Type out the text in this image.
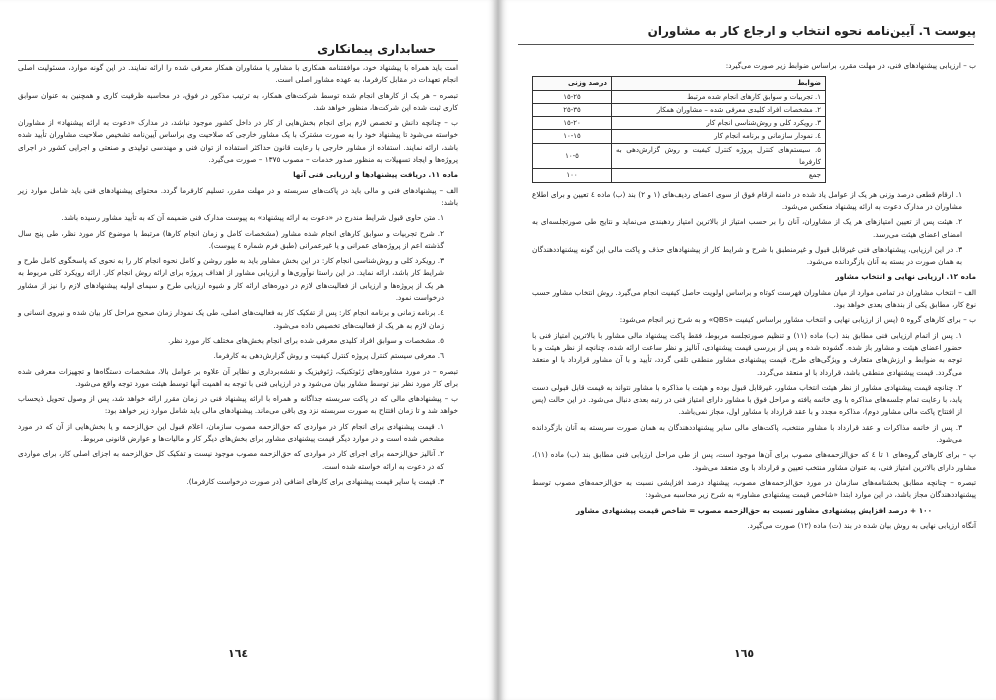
حسابداری پیمانکاری

امت باید همراه با پیشنهاد خود، موافقتنامه همکاری با مشاور یا مشاوران همکار معرفی شده را ارائه نمایند. در این گونه موارد، مسئولیت اصلی انجام تعهدات در مقابل کارفرما، به عهده مشاور اصلی است.

تبصره – هر یک از کارهای انجام شده توسط شرکت‌های همکار، به ترتیب مذکور در فوق، در محاسبه ظرفیت کاری و همچنین به عنوان سوابق کاری ثبت شده این شرکت‌ها، منظور خواهد شد.

ب – چنانچه دانش و تخصص لازم برای انجام بخش‌هایی از کار در داخل کشور موجود نباشد، در مدارک «دعوت به ارائه پیشنهاد» از مشاوران خواسته می‌شود تا پیشنهاد خود را به صورت مشترک با یک مشاور خارجی که صلاحیت وی براساس آیین‌نامه تشخیص صلاحیت مشاوران تأیید شده باشد، ارائه نمایند. استفاده از مشاور خارجی با رعایت قانون حداکثر استفاده از توان فنی و مهندسی تولیدی و صنعتی و اجرایی کشور در اجرای پروژه‌ها و ایجاد تسهیلات به منظور صدور خدمات – مصوب ١٣٧٥ – صورت می‌گیرد.

ماده ١١. دریافت پیشنهادها و ارزیابی فنی آنها

الف – پیشنهادهای فنی و مالی باید در پاکت‌های سربسته و در مهلت مقرر، تسلیم کارفرما گردد. محتوای پیشنهادهای فنی باید شامل موارد زیر باشد:

١. متن حاوی قبول شرایط مندرج در «دعوت به ارائه پیشنهاد» به پیوست مدارک فنی ضمیمه آن که به تأیید مشاور رسیده باشد.

٢. شرح تجربیات و سوابق کارهای انجام شده مشاور (مشخصات کامل و زمان انجام کارها) مرتبط با موضوع کار مورد نظر، طی پنج سال گذشته اعم از پروژه‌های عمرانی و یا غیرعمرانی (طبق فرم شماره ٤ پیوست).

٣. رویکرد کلی و روش‌شناسی انجام کار: در این بخش مشاور باید به طور روشن و کامل نحوه انجام کار را به نحوی که پاسخگوی کامل طرح و شرایط کار باشد، ارائه نماید. در این راستا نوآوری‌ها و ارزیابی مشاور از اهداف پروژه برای ارائه روش انجام کار. ارائه رویکرد کلی مربوط به هر یک از پروژه‌ها و ارزیابی از فعالیت‌های لازم در دوره‌های ارائه کار و شیوه ارزیابی طرح و سیمای اولیه پیشنهادهای لازم را نیز از مشاور درخواست نمود.

٤. برنامه زمانی و برنامه انجام کار: پس از تفکیک کار به فعالیت‌های اصلی، طی یک نمودار زمان صحیح مراحل کار بیان شده و نیروی انسانی و زمان لازم به هر یک از فعالیت‌های تخصیص داده می‌شود.

٥. مشخصات و سوابق افراد کلیدی معرفی شده برای انجام بخش‌های مختلف کار مورد نظر.

٦. معرفی سیستم کنترل پروژه کنترل کیفیت و روش گزارش‌دهی به کارفرما.

تبصره – در مورد مشاوره‌های ژئوتکنیک، ژئوفیزیک و نقشه‌برداری و نظایر آن علاوه بر عوامل بالا، مشخصات دستگاه‌ها و تجهیزات معرفی شده برای کار مورد نظر نیز توسط مشاور بیان می‌شود و در ارزیابی فنی با توجه به اهمیت آنها توسط هیئت مورد توجه واقع می‌شود.

ب – پیشنهادهای مالی که در پاکت سربسته جداگانه و همراه با ارائه پیشنهاد فنی در زمان مقرر ارائه خواهد شد، پس از وصول تحویل ذیحساب خواهد شد و تا زمان افتتاح به صورت سربسته نزد وی باقی می‌ماند. پیشنهادهای مالی باید شامل موارد زیر خواهد بود:

١. قیمت پیشنهادی برای انجام کار در مواردی که حق‌الزحمه مصوب سازمان، اعلام قبول این حق‌الزحمه و یا بخش‌هایی از آن که در مورد مشخص شده است و در موارد دیگر قیمت پیشنهادی مشاور برای بخش‌های دیگر کار و مالیات‌ها و عوارض قانونی مربوط.

٢. آنالیز حق‌الزحمه برای اجرای کار در مواردی که حق‌الزحمه مصوب موجود نیست و تفکیک کل حق‌الزحمه به اجزای اصلی کار، برای مواردی که در دعوت به ارائه خواسته شده است.

٣. قیمت یا سایر قیمت پیشنهادی برای کارهای اضافی (در صورت درخواست کارفرما).

١٦٤
پیوست ٦. آیین‌نامه نحوه انتخاب و ارجاع کار به مشاوران

ب – ارزیابی پیشنهادهای فنی، در مهلت مقرر، براساس ضوابط زیر صورت می‌گیرد:

ضوابط	درصد وزنی
١. تجربیات و سوابق کارهای انجام شده مرتبط	٢٥-١٥
٢. مشخصات افراد کلیدی معرفی شده – مشاوران همکار	٣٥-٢٥
٣. رویکرد کلی و روش‌شناسی انجام کار	٢٠-١٥
٤. نمودار سازمانی و برنامه انجام کار	١٥-١٠
٥. سیستم‌های کنترل پروژه کنترل کیفیت و روش گزارش‌دهی به کارفرما	٥-١٠
جمع	١٠٠

١. ارقام قطعی درصد وزنی هر یک از عوامل یاد شده در دامنه ارقام فوق از سوی اعضای ردیف‌های (١ و ٢) بند (ب) ماده ٤ تعیین و برای اطلاع مشاوران در مدارک دعوت به ارائه پیشنهاد منعکس می‌شود.

٢. هیئت پس از تعیین امتیازهای هر یک از مشاوران، آنان را بر حسب امتیاز از بالاترین امتیاز ردهبندی می‌نماید و نتایج طی صورتجلسه‌ای به امضای اعضای هیئت می‌رسد.

٣. در این ارزیابی، پیشنهادهای فنی غیرقابل قبول و غیرمنطبق با شرح و شرایط کار از پیشنهادهای حذف و پاکت مالی این گونه پیشنهاددهندگان به همان صورت در بسته به آنان بازگردانده می‌شود.

ماده ١٢. ارزیابی نهایی و انتخاب مشاور

الف – انتخاب مشاوران در تمامی موارد از میان مشاوران فهرست کوتاه و براساس اولویت حاصل کیفیت انجام می‌گیرد. روش انتخاب مشاور حسب نوع کار، مطابق یکی از بندهای بعدی خواهد بود.

ب – برای کارهای گروه ٥ (پس از ارزیابی نهایی و انتخاب مشاور براساس کیفیت «QBS» و به شرح زیر انجام می‌شود:

١. پس از اتمام ارزیابی فنی مطابق بند (ب) ماده (١١) و تنظیم صورتجلسه مربوط، فقط پاکت پیشنهاد مالی مشاور با بالاترین امتیاز فنی با حضور اعضای هیئت و مشاور باز شده. گشوده شده و پس از بررسی قیمت پیشنهادی، آنالیز و نظر ساعت ارائه شده، چنانچه از نظر هیئت و با توجه به ضوابط و ارزش‌های متعارف و ویژگی‌های طرح، قیمت پیشنهادی مشاور منطقی تلقی گردد، تأیید و با آن مشاور قرارداد با او منعقد می‌گردد. قیمت پیشنهادی منطقی باشد، قرارداد با او منعقد می‌گردد.

٢. چنانچه قیمت پیشنهادی مشاور از نظر هیئت انتخاب مشاور، غیرقابل قبول بوده و هیئت با مذاکره با مشاور نتواند به قیمت قابل قبولی دست یابد، با رعایت تمام جلسه‌های مذاکره با وی خاتمه یافته و مراحل فوق با مشاور دارای امتیاز فنی در رتبه بعدی دنبال می‌شود. در این حالت (پس از افتتاح پاکت مالی مشاور دوم)، مذاکره مجدد و با عقد قرارداد با مشاور اول، مجاز نمی‌باشد.

٣. پس از خاتمه مذاکرات و عقد قرارداد با مشاور منتخب، پاکت‌های مالی سایر پیشنهاددهندگان به همان صورت سربسته به آنان بازگردانده می‌شود.

پ – برای کارهای گروه‌های ١ تا ٤ که حق‌الزحمه‌های مصوب برای آن‌ها موجود است، پس از طی مراحل ارزیابی فنی مطابق بند (ب) ماده (١١)، مشاور دارای بالاترین امتیاز فنی، به عنوان مشاور منتخب تعیین و قرارداد با وی منعقد می‌شود.

تبصره – چنانچه مطابق بخشنامه‌های سازمان در مورد حق‌الزحمه‌های مصوب، پیشنهاد درصد افزایشی نسبت به حق‌الزحمه‌های مصوب توسط پیشنهاددهندگان مجاز باشد، در این موارد ابتدا «شاخص قیمت پیشنهادی مشاور» به شرح زیر محاسبه می‌شود:

١٠٠ + درصد افزایش پیشنهادی مشاور نسبت به حق‌الزحمه مصوب = شاخص قیمت پیشنهادی مشاور

آنگاه ارزیابی نهایی به روش بیان شده در بند (ت) ماده (١٢) صورت می‌گیرد.

١٦٥
